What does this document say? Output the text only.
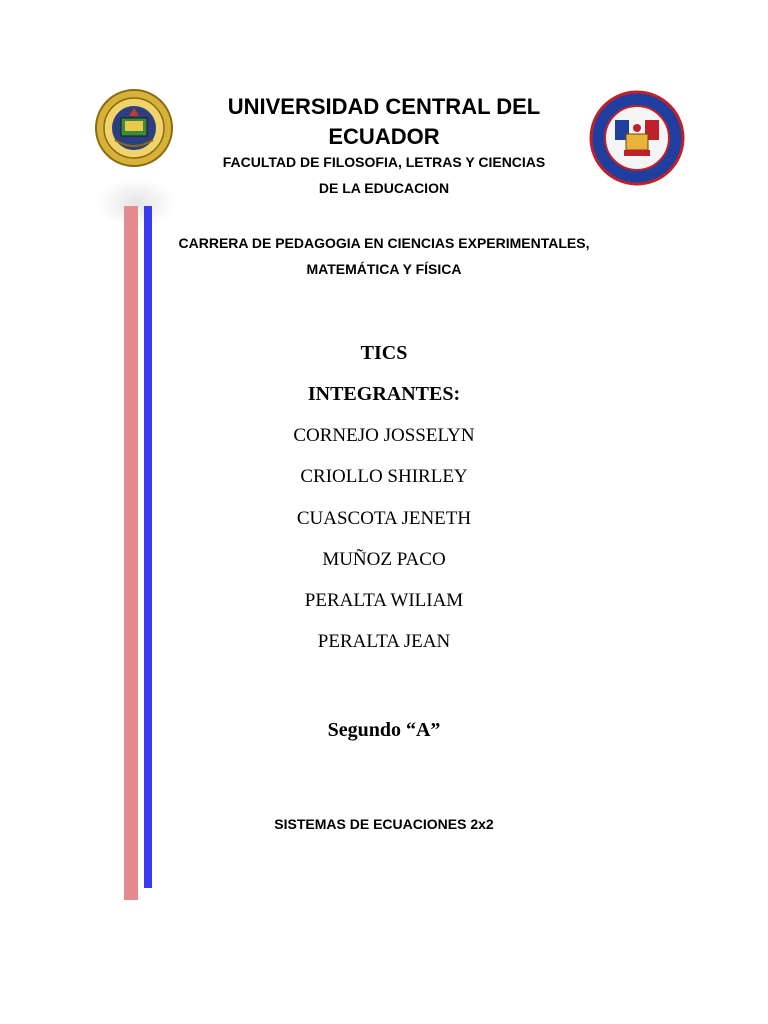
UNIVERSIDAD CENTRAL DEL ECUADOR
FACULTAD DE FILOSOFIA, LETRAS Y CIENCIAS
DE LA EDUCACION
CARRERA DE PEDAGOGIA EN CIENCIAS EXPERIMENTALES,
MATEMÁTICA Y FÍSICA
TICS
INTEGRANTES:
CORNEJO JOSSELYN
CRIOLLO SHIRLEY
CUASCOTA JENETH
MUÑOZ PACO
PERALTA WILIAM
PERALTA JEAN
Segundo “A”
SISTEMAS DE ECUACIONES 2x2
